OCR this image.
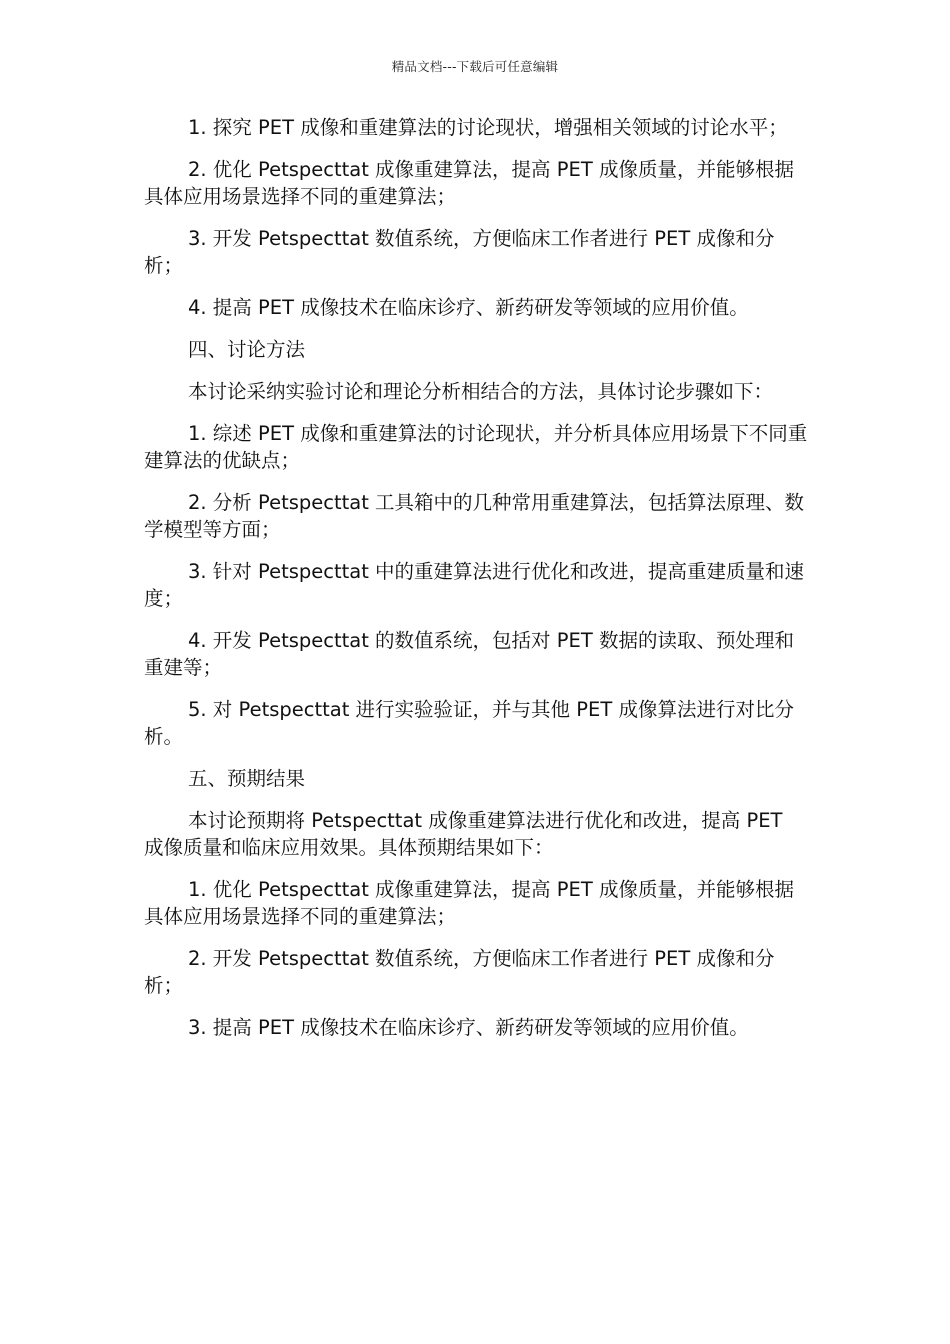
精品文档---下载后可任意编辑

1. 探究 PET 成像和重建算法的讨论现状，增强相关领域的讨论水平；

2. 优化 Petspecttat 成像重建算法，提高 PET 成像质量，并能够根据具体应用场景选择不同的重建算法；

3. 开发 Petspecttat 数值系统，方便临床工作者进行 PET 成像和分析；

4. 提高 PET 成像技术在临床诊疗、新药研发等领域的应用价值。

四、讨论方法

本讨论采纳实验讨论和理论分析相结合的方法，具体讨论步骤如下：

1. 综述 PET 成像和重建算法的讨论现状，并分析具体应用场景下不同重建算法的优缺点；

2. 分析 Petspecttat 工具箱中的几种常用重建算法，包括算法原理、数学模型等方面；

3. 针对 Petspecttat 中的重建算法进行优化和改进，提高重建质量和速度；

4. 开发 Petspecttat 的数值系统，包括对 PET 数据的读取、预处理和重建等；

5. 对 Petspecttat 进行实验验证，并与其他 PET 成像算法进行对比分析。

五、预期结果

本讨论预期将 Petspecttat 成像重建算法进行优化和改进，提高 PET 成像质量和临床应用效果。具体预期结果如下：

1. 优化 Petspecttat 成像重建算法，提高 PET 成像质量，并能够根据具体应用场景选择不同的重建算法；

2. 开发 Petspecttat 数值系统，方便临床工作者进行 PET 成像和分析；

3. 提高 PET 成像技术在临床诊疗、新药研发等领域的应用价值。
